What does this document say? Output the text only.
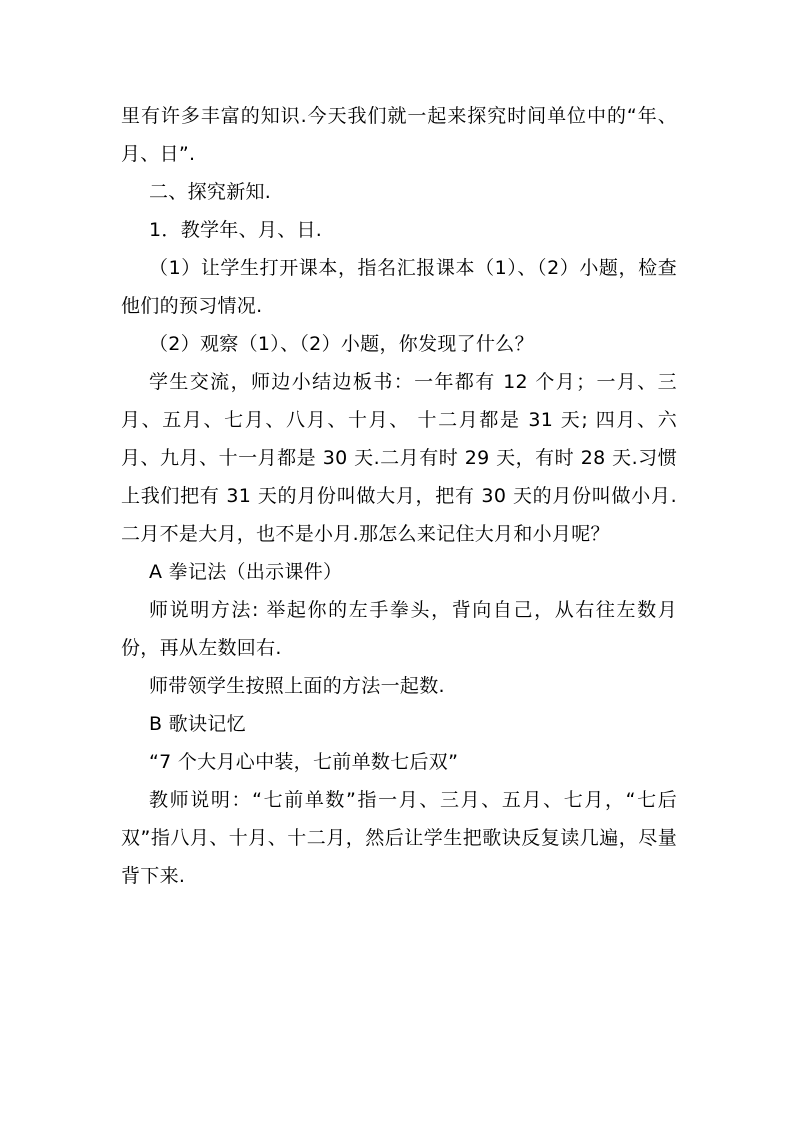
里有许多丰富的知识.今天我们就一起来探究时间单位中的“年、月、日”.

二、探究新知.

1．教学年、月、日.

（1）让学生打开课本，指名汇报课本（1）、（2）小题，检查他们的预习情况.

（2）观察（1）、（2）小题，你发现了什么？

学生交流，师边小结边板书：一年都有 12 个月；一月、三月、五月、七月、八月、十月、 十二月都是 31 天; 四月、六月、九月、十一月都是 30 天.二月有时 29 天，有时 28 天.习惯上我们把有 31 天的月份叫做大月，把有 30 天的月份叫做小月.二月不是大月，也不是小月.那怎么来记住大月和小月呢？

A 拳记法（出示课件）

师说明方法: 举起你的左手拳头，背向自己，从右往左数月份，再从左数回右.

师带领学生按照上面的方法一起数.

B 歌诀记忆

“7 个大月心中装，七前单数七后双”

教师说明：“七前单数”指一月、三月、五月、七月，“七后双”指八月、十月、十二月，然后让学生把歌诀反复读几遍，尽量背下来.
